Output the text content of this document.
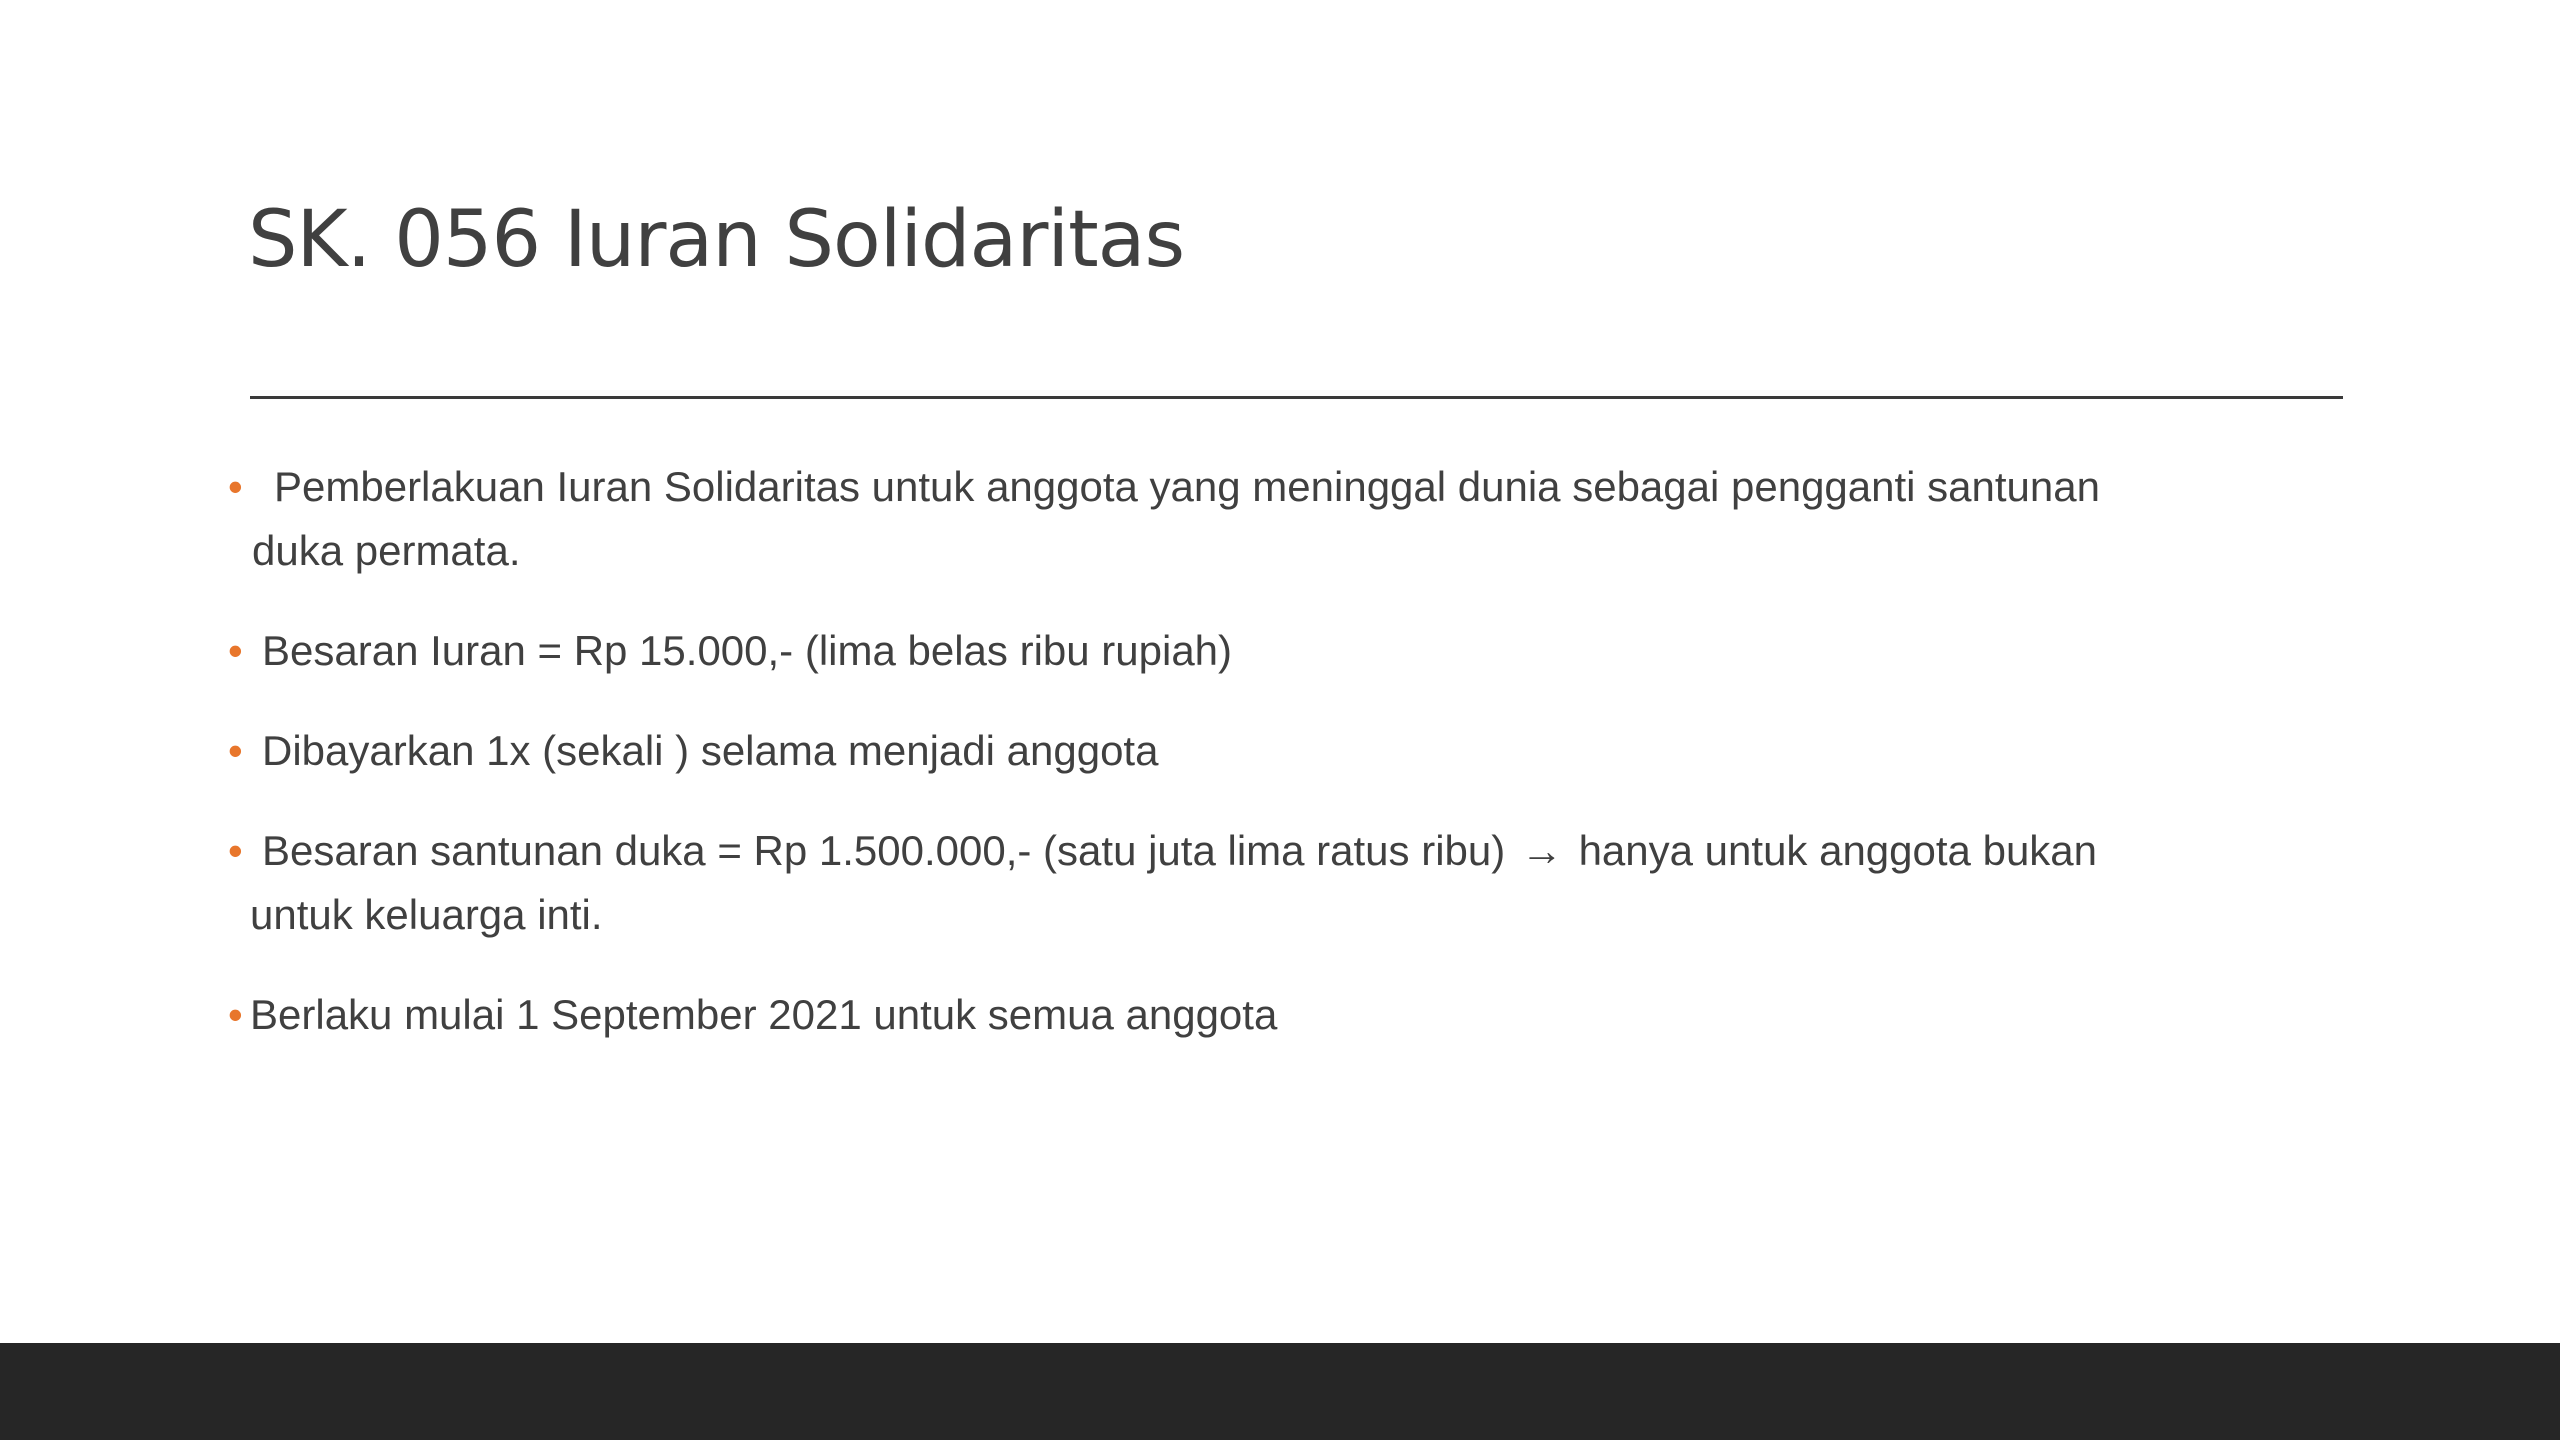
SK. 056 Iuran Solidaritas
• Pemberlakuan Iuran Solidaritas untuk anggota yang meninggal dunia sebagai pengganti santunan
duka permata.
• Besaran Iuran = Rp 15.000,- (lima belas ribu rupiah)
• Dibayarkan 1x (sekali ) selama menjadi anggota
• Besaran santunan duka = Rp 1.500.000,- (satu juta lima ratus ribu) → hanya untuk anggota bukan
untuk keluarga inti.
• Berlaku mulai 1 September 2021 untuk semua anggota
